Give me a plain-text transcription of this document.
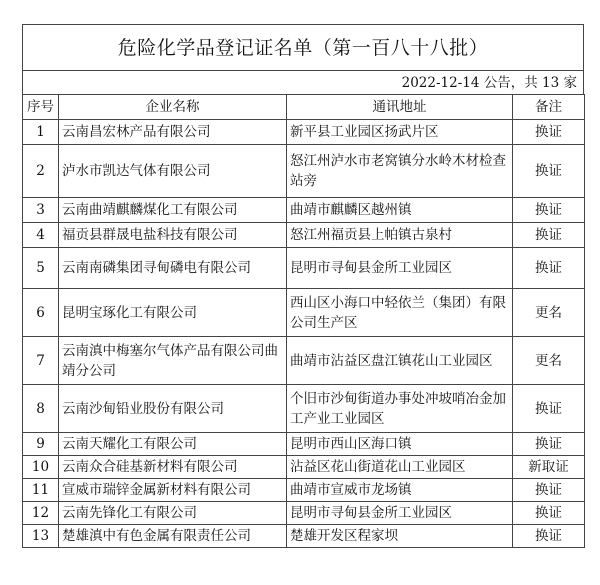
危险化学品登记证名单（第一百八十八批）
2022-12-14 公告，共 13 家
序号	企业名称	通讯地址	备注
1	云南昌宏林产品有限公司	新平县工业园区扬武片区	换证
2	泸水市凯达气体有限公司	怒江州泸水市老窝镇分水岭木材检查站旁	换证
3	云南曲靖麒麟煤化工有限公司	曲靖市麒麟区越州镇	换证
4	福贡县群晟电盐科技有限公司	怒江州福贡县上帕镇古泉村	换证
5	云南南磷集团寻甸磷电有限公司	昆明市寻甸县金所工业园区	换证
6	昆明宝琢化工有限公司	西山区小海口中轻依兰（集团）有限公司生产区	更名
7	云南滇中梅塞尔气体产品有限公司曲靖分公司	曲靖市沾益区盘江镇花山工业园区	更名
8	云南沙甸铅业股份有限公司	个旧市沙甸街道办事处冲坡哨冶金加工产业工业园区	换证
9	云南天耀化工有限公司	昆明市西山区海口镇	换证
10	云南众合硅基新材料有限公司	沾益区花山街道花山工业园区	新取证
11	宣威市瑞锌金属新材料有限公司	曲靖市宣威市龙场镇	换证
12	云南先锋化工有限公司	昆明市寻甸县金所工业园区	换证
13	楚雄滇中有色金属有限责任公司	楚雄开发区程家坝	换证
